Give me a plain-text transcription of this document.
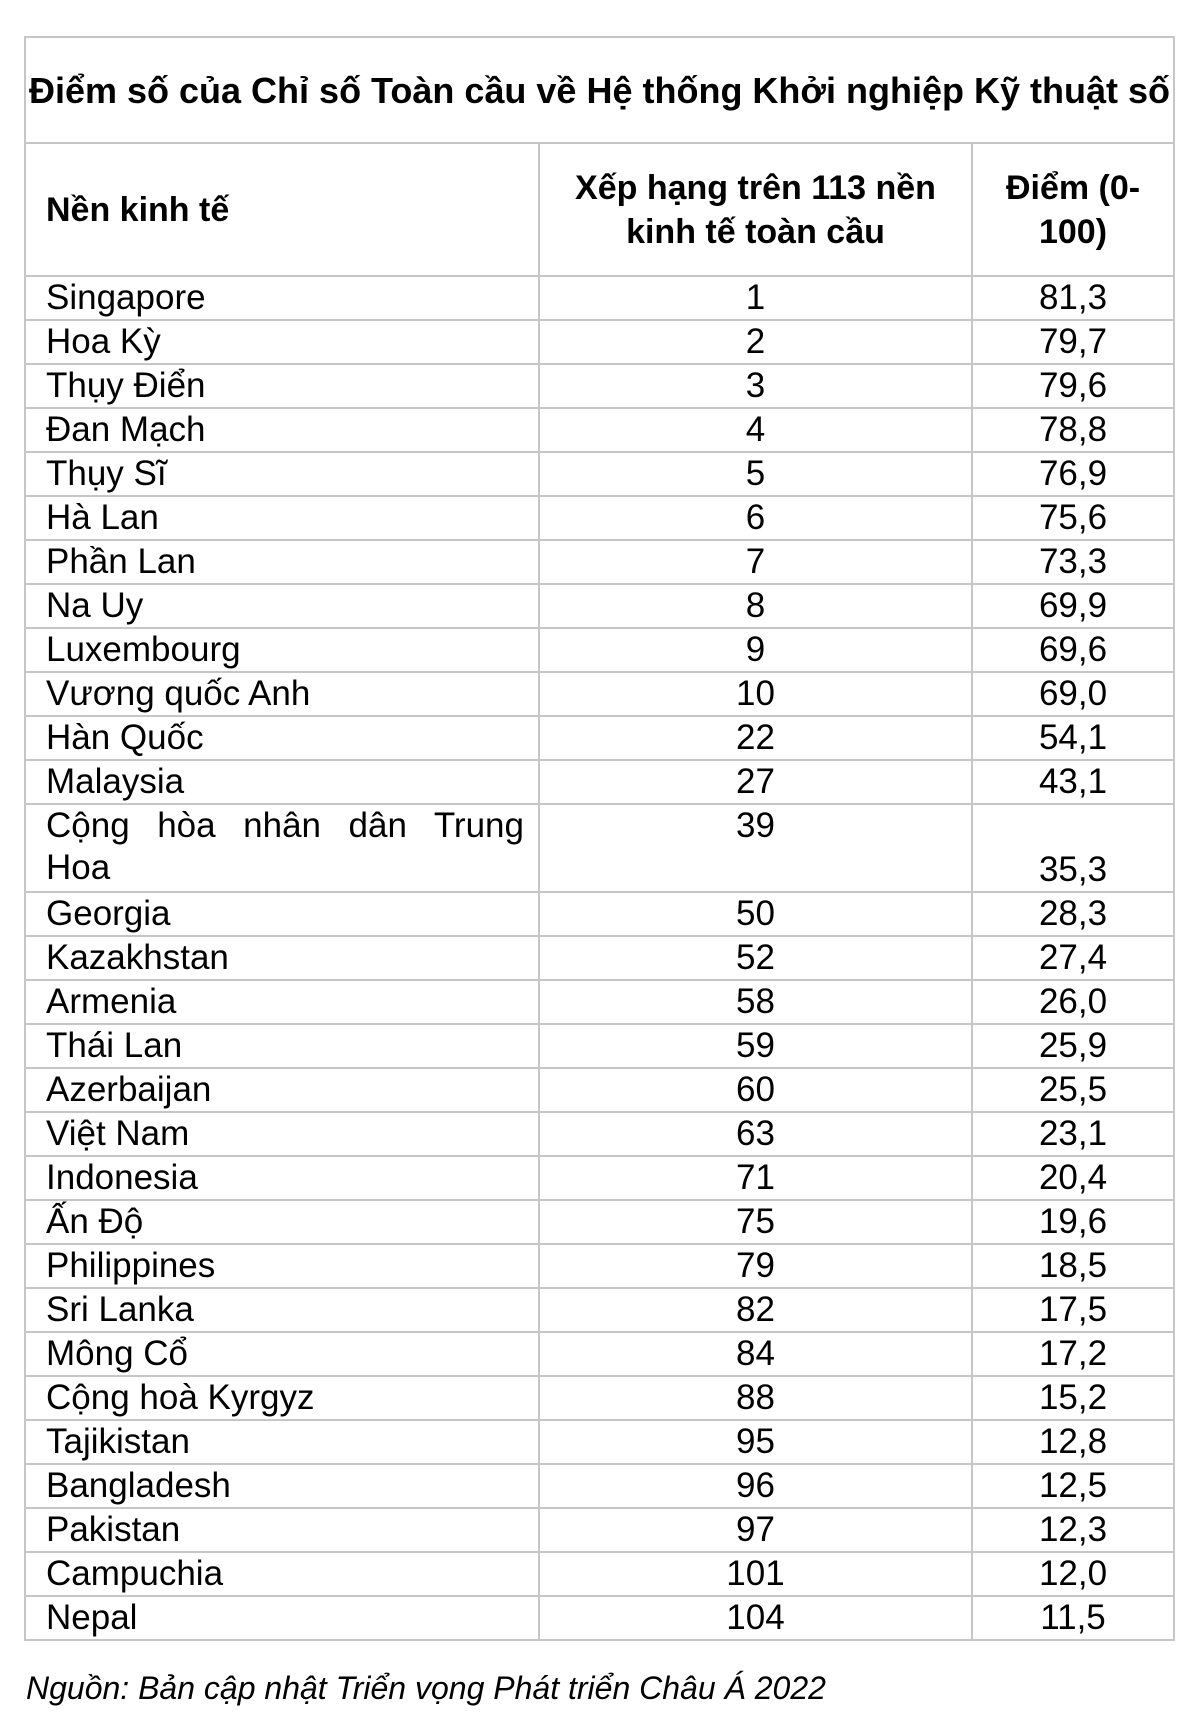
Điểm số của Chỉ số Toàn cầu về Hệ thống Khởi nghiệp Kỹ thuật số		
Nền kinh tế	Xếp hạng trên 113 nền kinh tế toàn cầu	Điểm (0-100)
Singapore	1	81,3
Hoa Kỳ	2	79,7
Thụy Điển	3	79,6
Đan Mạch	4	78,8
Thụy Sĩ	5	76,9
Hà Lan	6	75,6
Phần Lan	7	73,3
Na Uy	8	69,9
Luxembourg	9	69,6
Vương quốc Anh	10	69,0
Hàn Quốc	22	54,1
Malaysia	27	43,1
Cộng hòa nhân dân Trung Hoa	39	35,3
Georgia	50	28,3
Kazakhstan	52	27,4
Armenia	58	26,0
Thái Lan	59	25,9
Azerbaijan	60	25,5
Việt Nam	63	23,1
Indonesia	71	20,4
Ấn Độ	75	19,6
Philippines	79	18,5
Sri Lanka	82	17,5
Mông Cổ	84	17,2
Cộng hoà Kyrgyz	88	15,2
Tajikistan	95	12,8
Bangladesh	96	12,5
Pakistan	97	12,3
Campuchia	101	12,0
Nepal	104	11,5
Nguồn: Bản cập nhật Triển vọng Phát triển Châu Á 2022
